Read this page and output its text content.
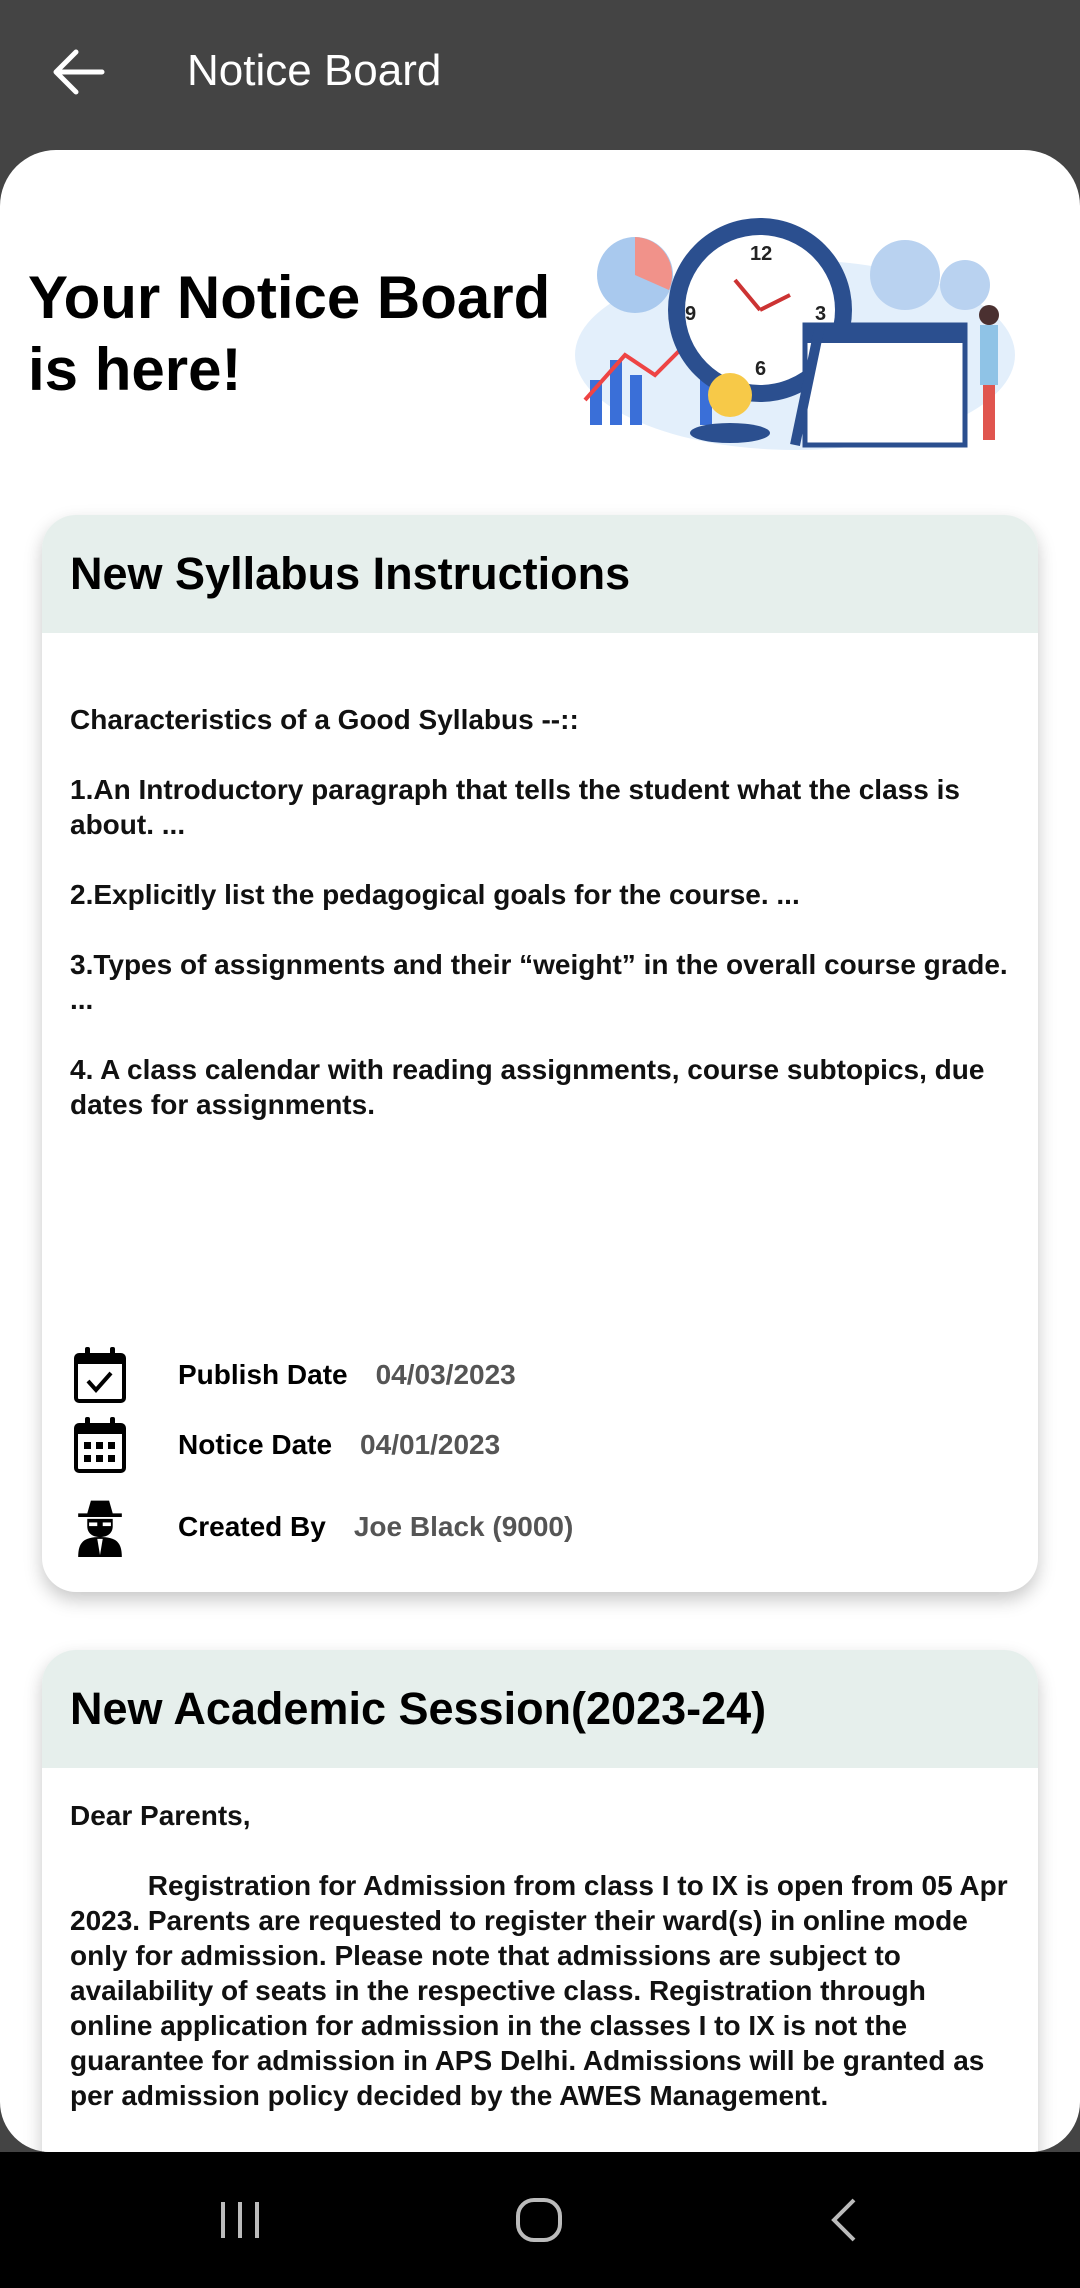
Notice Board
Your Notice Board is here!
12
3
9
6
New Syllabus Instructions
Characteristics of a Good Syllabus --::

1.An Introductory paragraph that tells the student what the class is about. ...

2.Explicitly list the pedagogical goals for the course. ...

3.Types of assignments and their “weight” in the overall course grade. ...

4. A class calendar with reading assignments, course subtopics, due dates for assignments.
Publish Date 04/03/2023
Notice Date 04/01/2023
Created By Joe Black (9000)
New Academic Session(2023-24)
Dear Parents,

Registration for Admission from class I to IX is open from 05 Apr 2023. Parents are requested to register their ward(s) in online mode only for admission. Please note that admissions are subject to availability of seats in the respective class. Registration through online application for admission in the classes I to IX is not the guarantee for admission in APS Delhi. Admissions will be granted as per admission policy decided by the AWES Management.
